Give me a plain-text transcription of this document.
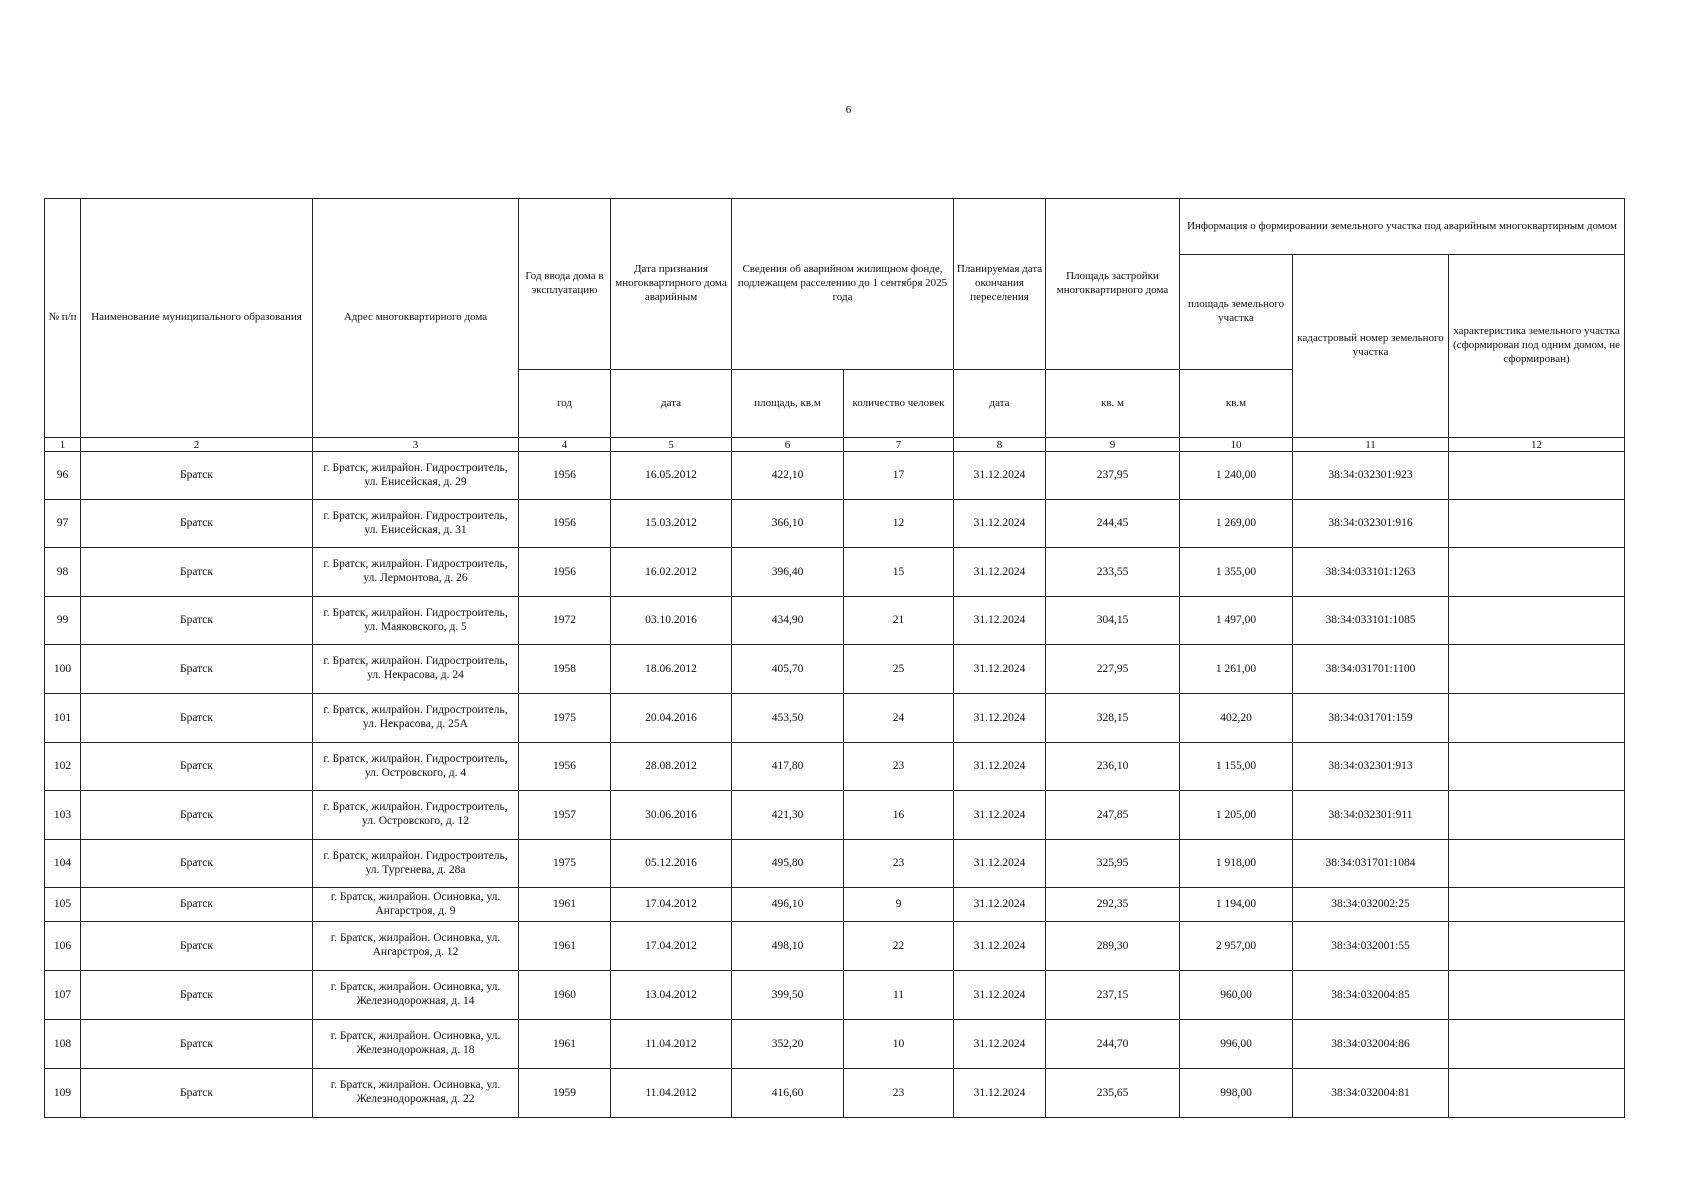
6
№ п/п	Наименование муниципального образования	Адрес многоквартирного дома	Год ввода дома в эксплуатацию	Дата признания многоквартирного дома аварийным	Сведения об аварийном жилищном фонде, подлежащем расселению до 1 сентября 2025 года		Планируемая дата окончания переселения	Площадь застройки многоквартирного дома	Информация о формировании земельного участка под аварийным многоквартирным домом		
									площадь земельного участка	кадастровый номер земельного участка	характеристика земельного участка (сформирован под одним домом, не сформирован)
			год	дата	площадь, кв.м	количество человек	дата	кв. м	кв.м		
1	2	3	4	5	6	7	8	9	10	11	12
96	Братск	г. Братск, жилрайон. Гидростроитель, ул. Енисейская, д. 29	1956	16.05.2012	422,10	17	31.12.2024	237,95	1 240,00	38:34:032301:923	
97	Братск	г. Братск, жилрайон. Гидростроитель, ул. Енисейская, д. 31	1956	15.03.2012	366,10	12	31.12.2024	244,45	1 269,00	38:34:032301:916	
98	Братск	г. Братск, жилрайон. Гидростроитель, ул. Лермонтова, д. 26	1956	16.02.2012	396,40	15	31.12.2024	233,55	1 355,00	38:34:033101:1263	
99	Братск	г. Братск, жилрайон. Гидростроитель, ул. Маяковского, д. 5	1972	03.10.2016	434,90	21	31.12.2024	304,15	1 497,00	38:34:033101:1085	
100	Братск	г. Братск, жилрайон. Гидростроитель, ул. Некрасова, д. 24	1958	18.06.2012	405,70	25	31.12.2024	227,95	1 261,00	38:34:031701:1100	
101	Братск	г. Братск, жилрайон. Гидростроитель, ул. Некрасова, д. 25А	1975	20.04.2016	453,50	24	31.12.2024	328,15	402,20	38:34:031701:159	
102	Братск	г. Братск, жилрайон. Гидростроитель, ул. Островского, д. 4	1956	28.08.2012	417,80	23	31.12.2024	236,10	1 155,00	38:34:032301:913	
103	Братск	г. Братск, жилрайон. Гидростроитель, ул. Островского, д. 12	1957	30.06.2016	421,30	16	31.12.2024	247,85	1 205,00	38:34:032301:911	
104	Братск	г. Братск, жилрайон. Гидростроитель, ул. Тургенева, д. 28а	1975	05.12.2016	495,80	23	31.12.2024	325,95	1 918,00	38:34:031701:1084	
105	Братск	г. Братск, жилрайон. Осиновка, ул. Ангарстроя, д. 9	1961	17.04.2012	496,10	9	31.12.2024	292,35	1 194,00	38:34:032002:25	
106	Братск	г. Братск, жилрайон. Осиновка, ул. Ангарстроя, д. 12	1961	17.04.2012	498,10	22	31.12.2024	289,30	2 957,00	38:34:032001:55	
107	Братск	г. Братск, жилрайон. Осиновка, ул. Железнодорожная, д. 14	1960	13.04.2012	399,50	11	31.12.2024	237,15	960,00	38:34:032004:85	
108	Братск	г. Братск, жилрайон. Осиновка, ул. Железнодорожная, д. 18	1961	11.04.2012	352,20	10	31.12.2024	244,70	996,00	38:34:032004:86	
109	Братск	г. Братск, жилрайон. Осиновка, ул. Железнодорожная, д. 22	1959	11.04.2012	416,60	23	31.12.2024	235,65	998,00	38:34:032004:81	
